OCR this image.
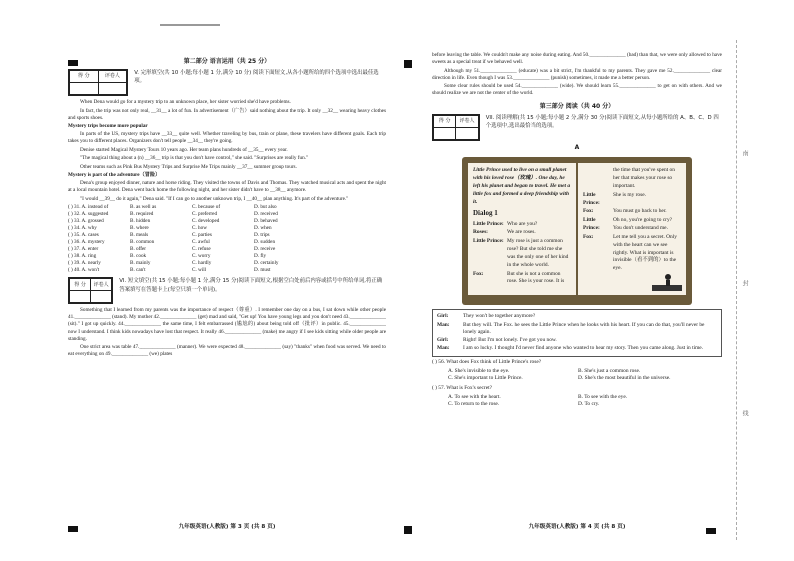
南
封
线
第二部分 语言运用（共 25 分）
得 分	评卷人

V. 完形填空(共 10 小题;每小题 1 分,满分 10 分) 阅读下面短文,从各小题所给的四个选项中选出最佳选项。

When Dena would go for a mystery trip to an unknown place, her sister worried she'd have problems.

In fact, the trip was not only real, __31__ a lot of fun. In advertisement（广告）said nothing about the trip. It only __32__ wearing heavy clothes and sports shoes.

Mystery trips become more popular

In parts of the US, mystery trips have __33__ quite well. Whether traveling by bus, train or plane, these travelers have different goals. Each trip takes you to different places. Organizers don't tell people __34__ they're going.

Denise started Magical Mystery Tours 10 years ago. Her team plans hundreds of __35__ every year.

"The magical thing about a (n) __36__ trip is that you don't have control," she said. "Surprises are really fun."

Other teams such as Pink Bus Mystery Trips and Surprise Me Trips mainly __37__ summer group tours.

Mystery is part of the adventure（冒险）

Dena's group enjoyed dinner, nature and horse riding. They visited the towns of Davis and Thomas. They watched musical acts and spent the night at a local mountain hotel. Dena went back home the following night, and her sister didn't have to __38__ anymore.

"I would __39__ do it again," Dena said. "If I can go to another unknown trip, I __40__ plan anything. It's part of the adventure."

( ) 31. A. instead of	B. as well as	C. because of	D. but also
( ) 32. A. suggested	B. required	C. preferred	D. received
( ) 33. A. grossed	B. hidden	C. developed	D. behaved
( ) 34. A. why	B. where	C. how	D. when
( ) 35. A. cases	B. meals	C. parties	D. trips
( ) 36. A. mystery	B. common	C. awful	D. sudden
( ) 37. A. enter	B. offer	C. refuse	D. receive
( ) 38. A. ring	B. cook	C. worry	D. fly
( ) 39. A. nearly	B. mainly	C. hardly	D. certainly
( ) 40. A. won't	B. can't	C. will	D. must
得 分	评卷人

VI. 短文填空(共 15 小题;每小题 1 分,满分 15 分)阅读下面短文,根据空白处前后内容或括号中所给单词,将正确答案填写在答题卡上(每空只填一个单词)。

Something that I learned from my parents was the importance of respect（尊重）. I remember one day on a bus, I sat down while other people 41.______________ (stand). My mother 42.______________ (get) mad and said, "Get up! You have young legs and you don't need 43.______________ (sit)." I got up quickly. 44.______________ the same time, I felt embarrassed (尴尬的) about being told off（批评）in public. 45.______________ now I understand. I think kids nowadays have lost that respect. It really 46.______________ (make) me angry if I see kids sitting while older people are standing.

One strict area was table 47.______________ (manner). We were expected 48.______________ (say) "thanks" when food was served. We need to eat everything on 49.______________ (we) plates

九年级英语(人教版) 第 3 页 (共 8 页)

before leaving the table. We couldn't make any noise during eating. And 50.______________ (bad) than that, we were only allowed to have sweets as a special treat if we behaved well.

Although my 51.______________ (educate) was a bit strict, I'm thankful to my parents. They gave me 52.______________ clear direction in life. Even though I was 53.______________ (punish) sometimes, it made me a better person.

Some clear rules should be used 54.______________ (wide). We should learn 55.______________ to get on with others. And we should realize we are not the center of the world.

第三部分 阅读（共 40 分）
得 分	评卷人

VII. 阅读理解(共 15 小题;每小题 2 分,满分 30 分)阅读下面短文,从每小题所给的 A、B、C、D 四个选项中,选出最恰当的选项。
A
Little Prince used to live on a small planet with his loved rose（玫瑰）. One day, he left his planet and began to travel. He met a little fox and formed a deep friendship with it.
Dialog 1
Little Prince: Who are you?
Roses:	We are roses.
Little Prince: My rose is just a common rose? But she told me she was the only one of her kind in the whole world.
Fox:	But she is not a common rose. She is your rose. It is
the time that you've spent on her that makes your rose so important.
Little Prince:
She is my rose.
Fox:	You must go back to her.
Little Prince:
Oh no, you're going to cry? You don't understand me.
Fox:	Let me tell you a secret. Only with the heart can we see rightly. What is important is invisible（看不到的）to the eye.
Girl:	They won't be together anymore?
Man:	But they will. The Fox. he sees the Little Prince when he looks with his heart. If you can do that, you'll never be lonely again.
Girl:	Right! But I'm not lonely. I've got you now.
Man:	I am so lucky. I thought I'd never find anyone who wanted to hear my story. Then you came along. Just in time.
( ) 56. What does Fox think of Little Prince's rose?
A. She's invisible to the eye.	B. She's just a common rose.
C. She's important to Little Prince.	D. She's the most beautiful in the universe.
( ) 57. What is Fox's secret?
A. To see with the heart.	B. To see with the eye.
C. To return to the rose.	D. To cry.
九年级英语(人教版) 第 4 页 (共 8 页)
